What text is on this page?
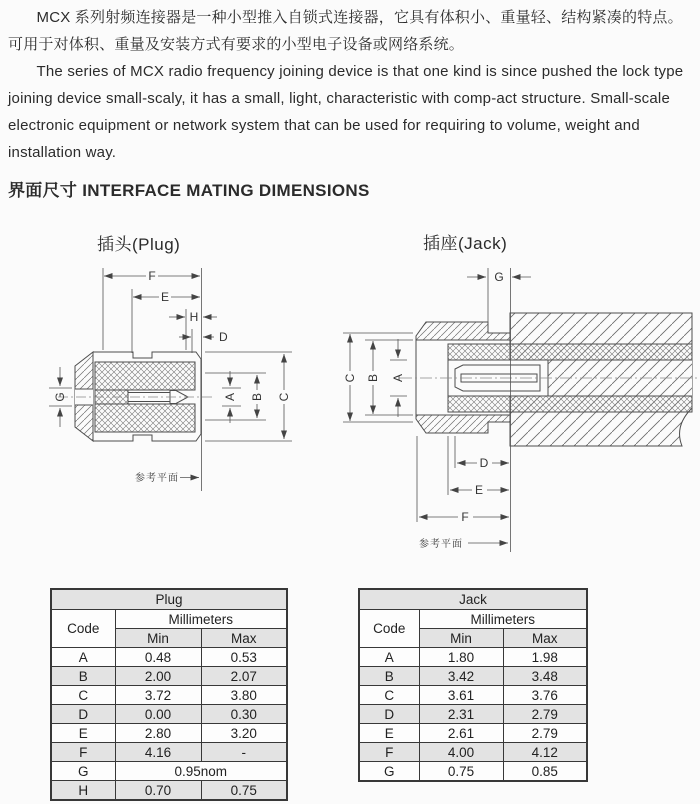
MCX 系列射频连接器是一种小型推入自锁式连接器，它具有体积小、重量轻、结构紧凑的特点。可用于对体积、重量及安装方式有要求的小型电子设备或网络系统。

The series of MCX radio frequency joining device is that one kind is since pushed the lock type joining device small-scaly, it has a small, light, characteristic with comp-act structure. Small-scale electronic equipment or network system that can be used for requiring to volume, weight and installation way.

界面尺寸 INTERFACE MATING DIMENSIONS
插头(Plug)	插座(Jack)
参考平面
F
E
H
D
G	A B C
参考平面
G
C B A
D
E
F
Plug		
Code	Millimeters	
	Min	Max
A	0.48	0.53
B	2.00	2.07
C	3.72	3.80
D	0.00	0.30
E	2.80	3.20
F	4.16	-
G	0.95nom	
H	0.70	0.75
Jack		
Code	Millimeters	
	Min	Max
A	1.80	1.98
B	3.42	3.48
C	3.61	3.76
D	2.31	2.79
E	2.61	2.79
F	4.00	4.12
G	0.75	0.85
